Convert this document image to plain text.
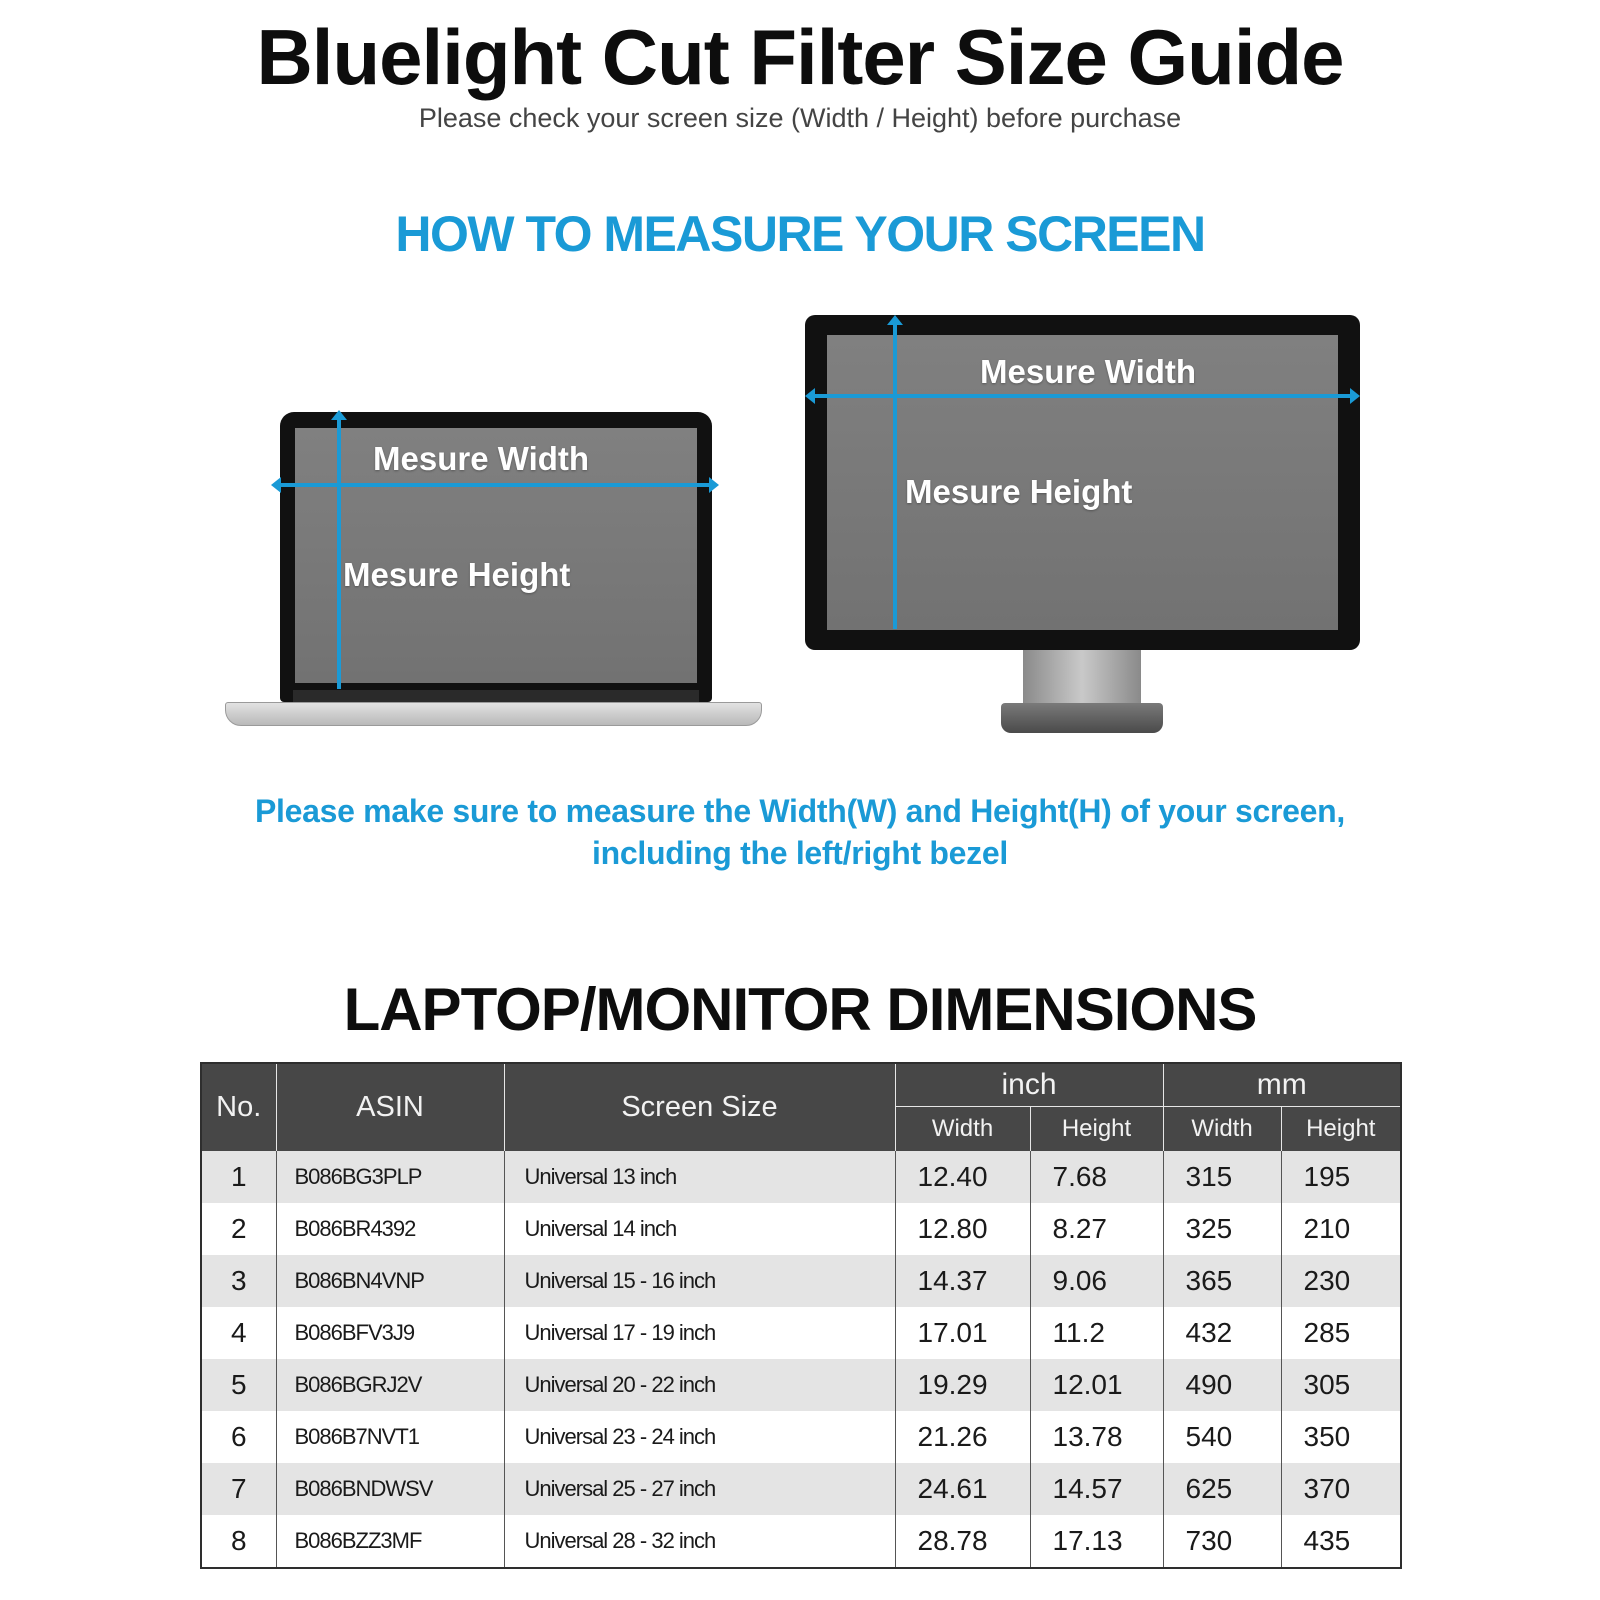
Bluelight Cut Filter Size Guide
Please check your screen size (Width / Height) before purchase
HOW TO MEASURE YOUR SCREEN
Mesure Width
Mesure Height
Mesure Width
Mesure Height
Please make sure to measure the Width(W) and Height(H) of your screen, including the left/right bezel
LAPTOP/MONITOR DIMENSIONS
No.	ASIN	Screen Size	inch		mm	
			Width	Height	Width	Height
1	B086BG3PLP	Universal 13 inch	12.40	7.68	315	195
2	B086BR4392	Universal 14 inch	12.80	8.27	325	210
3	B086BN4VNP	Universal 15 - 16 inch	14.37	9.06	365	230
4	B086BFV3J9	Universal 17 - 19 inch	17.01	11.2	432	285
5	B086BGRJ2V	Universal 20 - 22 inch	19.29	12.01	490	305
6	B086B7NVT1	Universal 23 - 24 inch	21.26	13.78	540	350
7	B086BNDWSV	Universal 25 - 27 inch	24.61	14.57	625	370
8	B086BZZ3MF	Universal 28 - 32 inch	28.78	17.13	730	435
